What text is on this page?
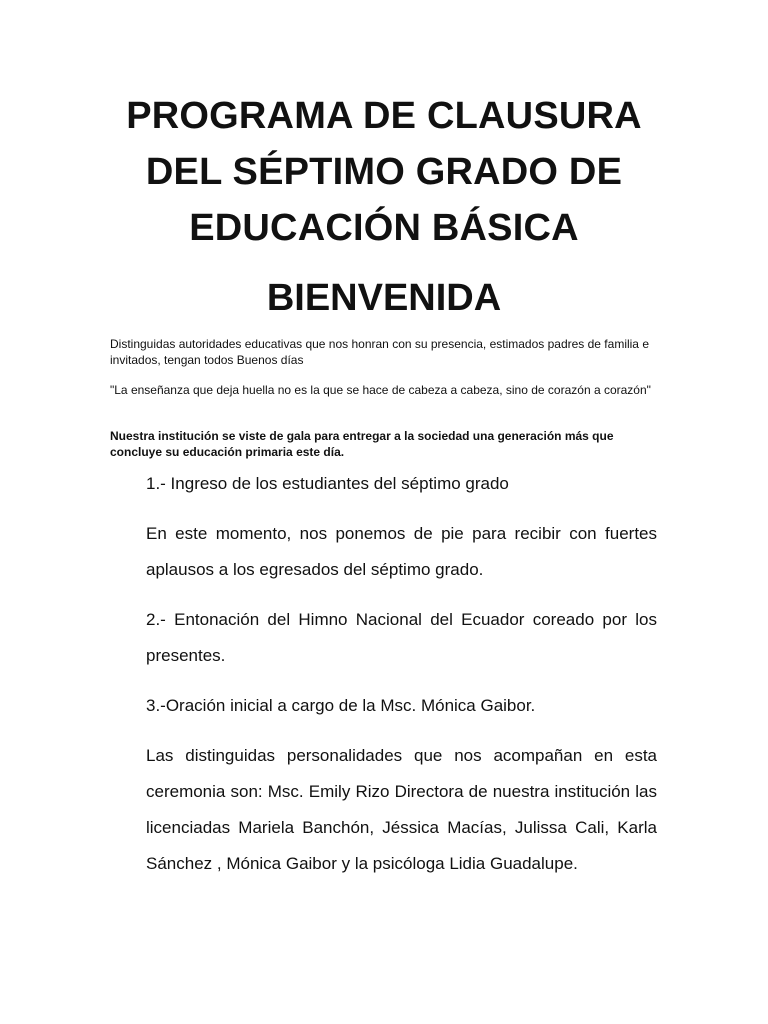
PROGRAMA DE CLAUSURA
DEL SÉPTIMO GRADO DE
EDUCACIÓN BÁSICA
BIENVENIDA

Distinguidas autoridades educativas que nos honran con su presencia, estimados padres de familia e invitados, tengan todos Buenos días

"La enseñanza que deja huella no es la que se hace de cabeza a cabeza, sino de corazón a corazón"

Nuestra institución se viste de gala para entregar a la sociedad una generación más que concluye su educación primaria este día.

1.- Ingreso de los estudiantes del séptimo grado

En este momento, nos ponemos de pie para recibir con fuertes aplausos a los egresados del séptimo grado.

2.- Entonación del Himno Nacional del Ecuador coreado por los presentes.

3.-Oración inicial a cargo de la Msc. Mónica Gaibor.

Las distinguidas personalidades que nos acompañan en esta ceremonia son: Msc. Emily Rizo Directora de nuestra institución las licenciadas Mariela Banchón, Jéssica Macías, Julissa Cali, Karla Sánchez , Mónica Gaibor y la psicóloga Lidia Guadalupe.
